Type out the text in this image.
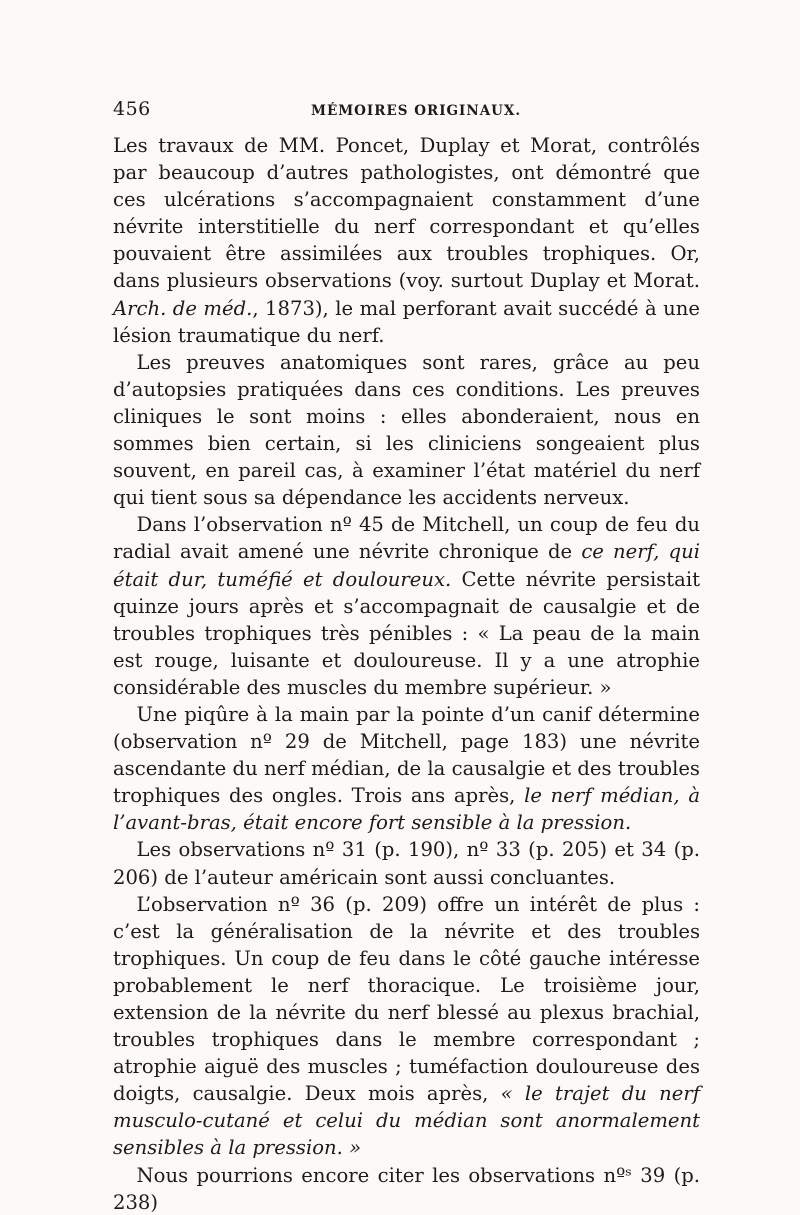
456	MÉMOIRES ORIGINAUX.

Les travaux de MM. Poncet, Duplay et Morat, contrôlés par beaucoup d’autres pathologistes, ont démontré que ces ulcérations s’accompagnaient constamment d’une névrite interstitielle du nerf correspondant et qu’elles pouvaient être assimilées aux troubles trophiques. Or, dans plusieurs observations (voy. surtout Duplay et Morat. Arch. de méd., 1873), le mal perforant avait succédé à une lésion traumatique du nerf.

Les preuves anatomiques sont rares, grâce au peu d’autopsies pratiquées dans ces conditions. Les preuves cliniques le sont moins : elles abonderaient, nous en sommes bien certain, si les cliniciens songeaient plus souvent, en pareil cas, à examiner l’état matériel du nerf qui tient sous sa dépendance les accidents nerveux.

Dans l’observation nº 45 de Mitchell, un coup de feu du radial avait amené une névrite chronique de ce nerf, qui était dur, tuméfié et douloureux. Cette névrite persistait quinze jours après et s’accompagnait de causalgie et de troubles trophiques très pénibles : « La peau de la main est rouge, luisante et douloureuse. Il y a une atrophie considérable des muscles du membre supérieur. »

Une piqûre à la main par la pointe d’un canif détermine (observation nº 29 de Mitchell, page 183) une névrite ascendante du nerf médian, de la causalgie et des troubles trophiques des ongles. Trois ans après, le nerf médian, à l’avant-bras, était encore fort sensible à la pression.

Les observations nº 31 (p. 190), nº 33 (p. 205) et 34 (p. 206) de l’auteur américain sont aussi concluantes.

L’observation nº 36 (p. 209) offre un intérêt de plus : c’est la généralisation de la névrite et des troubles trophiques. Un coup de feu dans le côté gauche intéresse probablement le nerf thoracique. Le troisième jour, extension de la névrite du nerf blessé au plexus brachial, troubles trophiques dans le membre correspondant ; atrophie aiguë des muscles ; tuméfaction douloureuse des doigts, causalgie. Deux mois après, « le trajet du nerf musculo-cutané et celui du médian sont anormalement sensibles à la pression. »

Nous pourrions encore citer les observations nºˢ 39 (p. 238)
